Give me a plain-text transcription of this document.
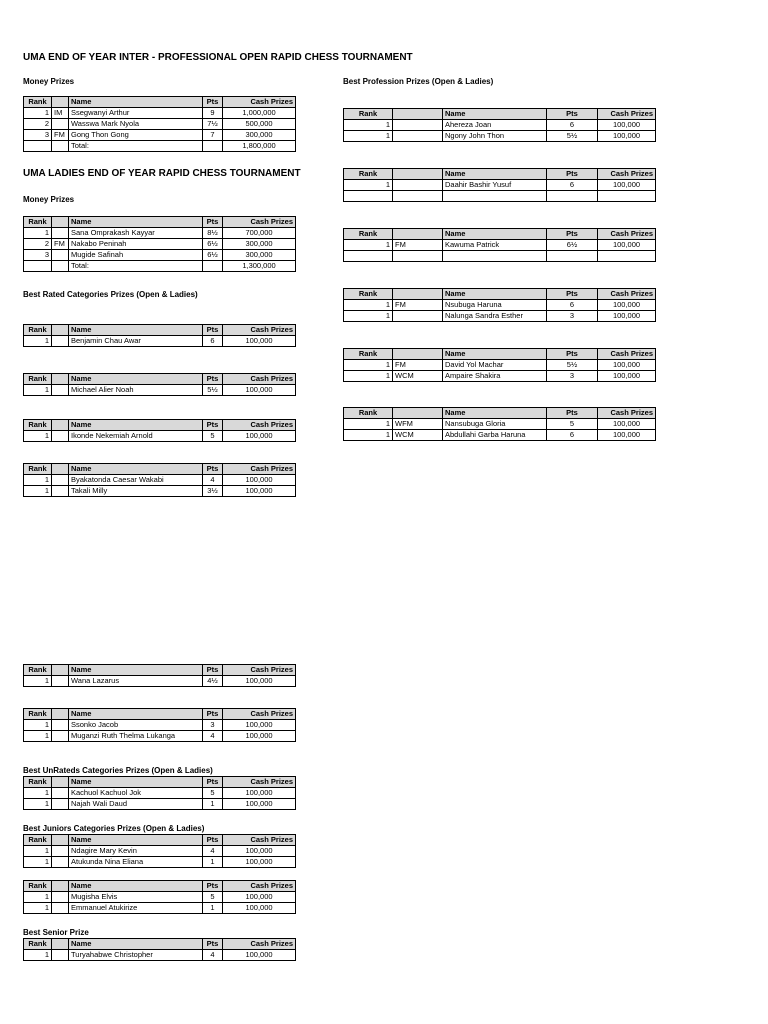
UMA END OF YEAR INTER - PROFESSIONAL OPEN RAPID CHESS TOURNAMENT
Money Prizes	Best Profession Prizes (Open & Ladies)
UMA LADIES END OF YEAR RAPID CHESS TOURNAMENT
Money Prizes
Best Rated Categories Prizes (Open & Ladies)
Best UnRateds Categories Prizes (Open & Ladies)
Best Juniors Categories Prizes (Open & Ladies)
Best Senior Prize
Rank		Name	Pts	Cash Prizes
1	IM	Ssegwanyi Arthur	9	1,000,000
2		Wasswa Mark Nyola	7½	500,000
3	FM	Gong Thon Gong	7	300,000
		Total:		1,800,000
Rank		Name	Pts	Cash Prizes
1		Sana Omprakash Kayyar	8½	700,000
2	FM	Nakabo Peninah	6½	300,000
3		Mugide Safinah	6½	300,000
		Total:		1,300,000
Rank		Name	Pts	Cash Prizes
1		Benjamin Chau Awar	6	100,000
Rank		Name	Pts	Cash Prizes
1		Michael Alier Noah	5½	100,000
Rank		Name	Pts	Cash Prizes
1		Ikonde Nekemiah Arnold	5	100,000
Rank		Name	Pts	Cash Prizes
1		Byakatonda Caesar Wakabi	4	100,000
1		Takali Milly	3½	100,000
Rank		Name	Pts	Cash Prizes
1		Wana Lazarus	4½	100,000
Rank		Name	Pts	Cash Prizes
1		Ssonko Jacob	3	100,000
1		Muganzi Ruth Thelma Lukanga	4	100,000
Rank		Name	Pts	Cash Prizes
1		Kachuol Kachuol Jok	5	100,000
1		Najah Wali Daud	1	100,000
Rank		Name	Pts	Cash Prizes
1		Ndagire Mary Kevin	4	100,000
1		Atukunda Nina Eliana	1	100,000
Rank		Name	Pts	Cash Prizes
1		Mugisha Elvis	5	100,000
1		Emmanuel Atukirize	1	100,000
Rank		Name	Pts	Cash Prizes
1		Turyahabwe Christopher	4	100,000
Rank		Name	Pts	Cash Prizes
1		Ahereza Joan	6	100,000
1		Ngony John Thon	5½	100,000
Rank		Name	Pts	Cash Prizes
1		Daahir Bashir Yusuf	6	100,000

Rank		Name	Pts	Cash Prizes
1	FM	Kawuma Patrick	6½	100,000

Rank		Name	Pts	Cash Prizes
1	FM	Nsubuga Haruna	6	100,000
1		Nalunga Sandra Esther	3	100,000
Rank		Name	Pts	Cash Prizes
1	FM	David Yol Machar	5½	100,000
1	WCM	Ampaire Shakira	3	100,000
Rank		Name	Pts	Cash Prizes
1	WFM	Nansubuga Gloria	5	100,000
1	WCM	Abdullahi Garba Haruna	6	100,000
